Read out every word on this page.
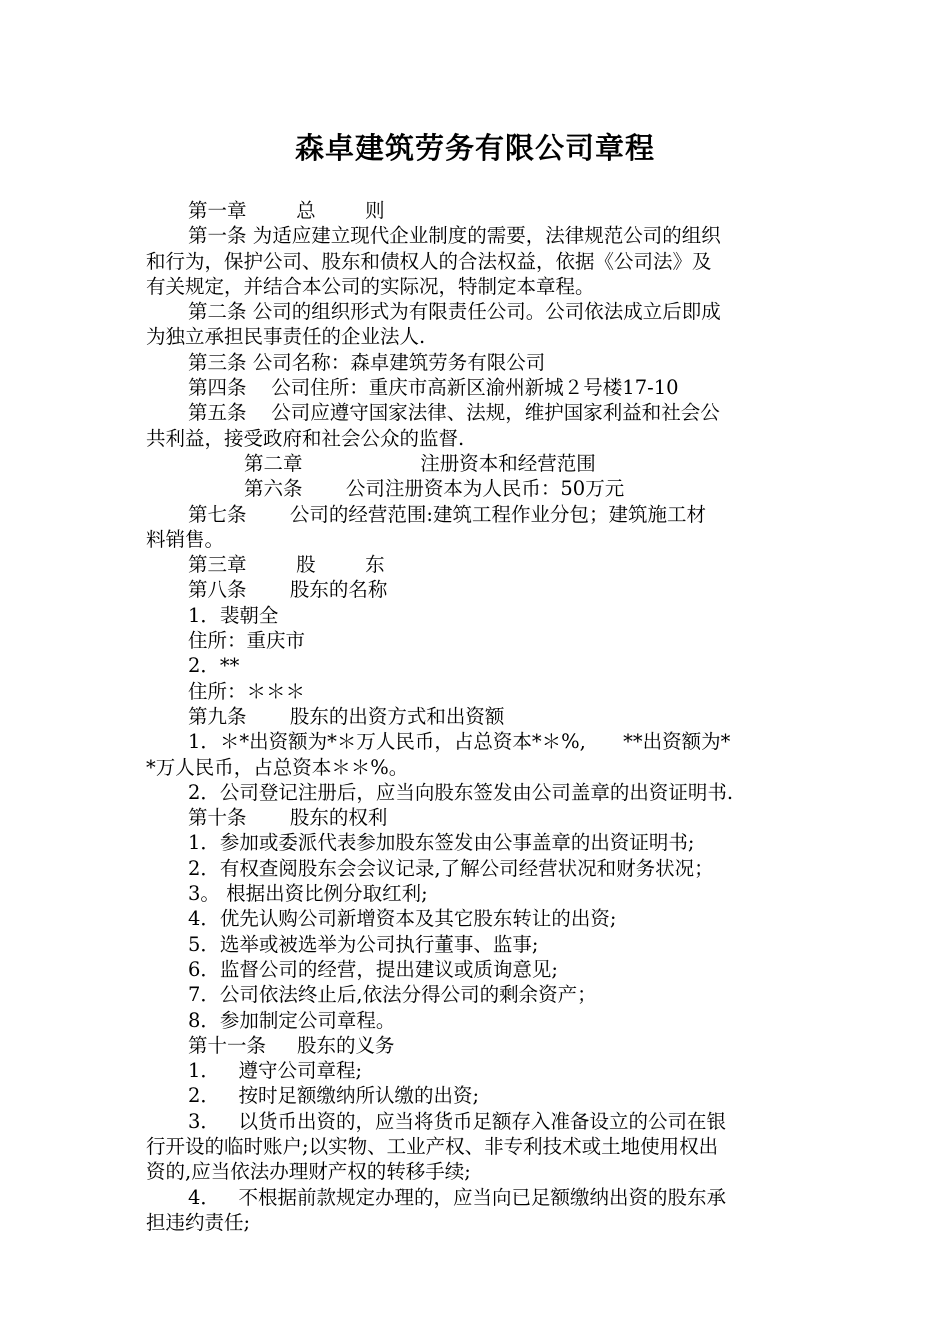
森卓建筑劳务有限公司章程
第一章        总        则
第一条 为适应建立现代企业制度的需要，法律规范公司的组织
和行为，保护公司、股东和债权人的合法权益，依据《公司法》及
有关规定，并结合本公司的实际况，特制定本章程。
第二条 公司的组织形式为有限责任公司。公司依法成立后即成
为独立承担民事责任的企业法人.
第三条 公司名称：森卓建筑劳务有限公司
第四条    公司住所：重庆市高新区渝州新城２号楼17-10
第五条    公司应遵守国家法律、法规，维护国家利益和社会公
共利益，接受政府和社会公众的监督.
第二章                   注册资本和经营范围
第六条       公司注册资本为人民币：50万元
第七条       公司的经营范围:建筑工程作业分包；建筑施工材
料销售。
第三章        股        东
第八条       股东的名称
1．裴朝全
住所：重庆市
2．**
住所：＊＊＊
第九条       股东的出资方式和出资额
1．＊*出资额为*＊万人民币，占总资本*＊%,      **出资额为*
*万人民币，占总资本＊＊%。
2．公司登记注册后，应当向股东签发由公司盖章的出资证明书.
第十条       股东的权利
1．参加或委派代表参加股东签发由公事盖章的出资证明书;
2．有权查阅股东会会议记录,了解公司经营状况和财务状况；
3。 根据出资比例分取红利;
4．优先认购公司新增资本及其它股东转让的出资;
5．选举或被选举为公司执行董事、监事;
6．监督公司的经营，提出建议或质询意见;
7．公司依法终止后,依法分得公司的剩余资产；
8．参加制定公司章程。
第十一条     股东的义务
1．   遵守公司章程;
2．   按时足额缴纳所认缴的出资;
3．   以货币出资的，应当将货币足额存入准备设立的公司在银
行开设的临时账户;以实物、工业产权、非专利技术或土地使用权出
资的,应当依法办理财产权的转移手续;
4．   不根据前款规定办理的，应当向已足额缴纳出资的股东承
担违约责任;
